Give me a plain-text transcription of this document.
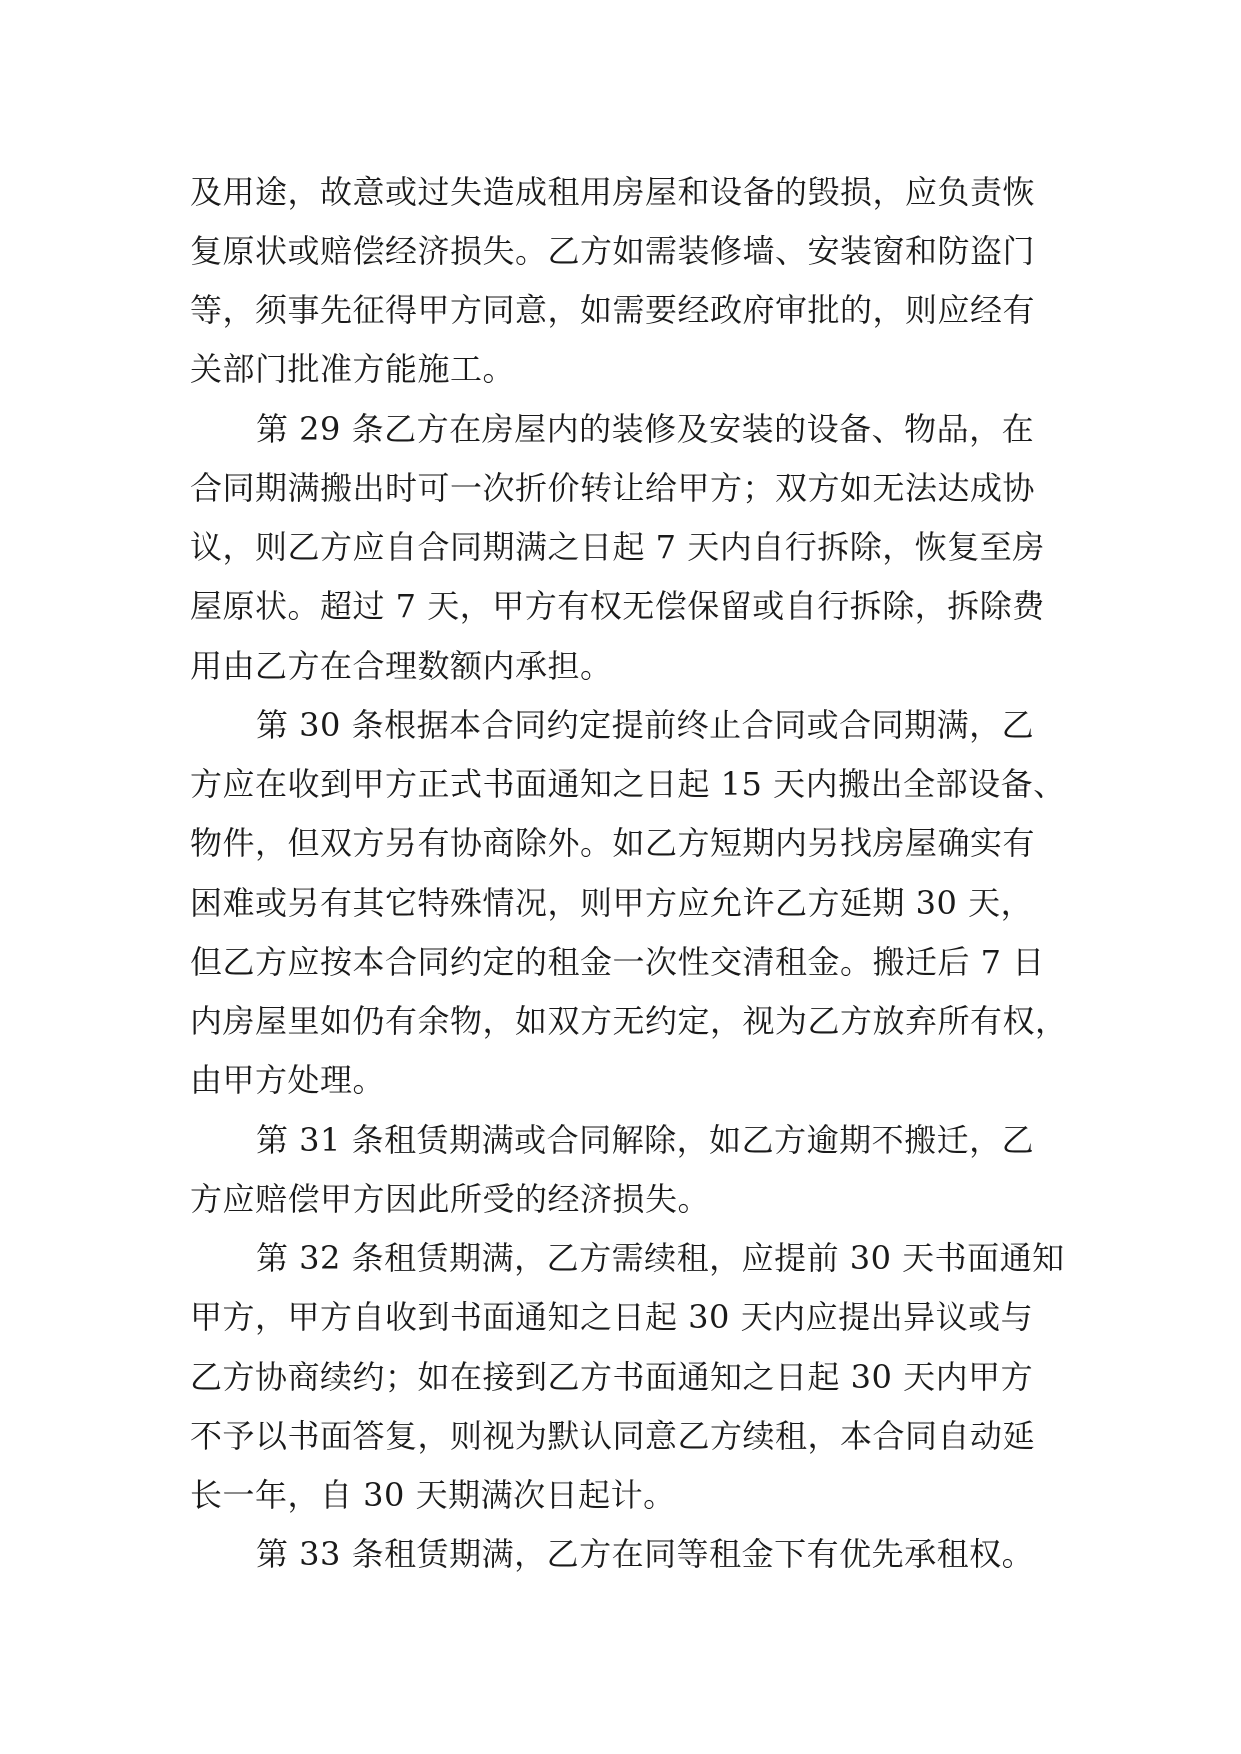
及用途，故意或过失造成租用房屋和设备的毁损，应负责恢
复原状或赔偿经济损失。乙方如需装修墙、安装窗和防盗门
等，须事先征得甲方同意，如需要经政府审批的，则应经有
关部门批准方能施工。
第 29 条乙方在房屋内的装修及安装的设备、物品，在
合同期满搬出时可一次折价转让给甲方；双方如无法达成协
议，则乙方应自合同期满之日起 7 天内自行拆除，恢复至房
屋原状。超过 7 天，甲方有权无偿保留或自行拆除，拆除费
用由乙方在合理数额内承担。
第 30 条根据本合同约定提前终止合同或合同期满，乙
方应在收到甲方正式书面通知之日起 15 天内搬出全部设备、
物件，但双方另有协商除外。如乙方短期内另找房屋确实有
困难或另有其它特殊情况，则甲方应允许乙方延期 30 天，
但乙方应按本合同约定的租金一次性交清租金。搬迁后 7 日
内房屋里如仍有余物，如双方无约定，视为乙方放弃所有权，
由甲方处理。
第 31 条租赁期满或合同解除，如乙方逾期不搬迁，乙
方应赔偿甲方因此所受的经济损失。
第 32 条租赁期满，乙方需续租，应提前 30 天书面通知
甲方，甲方自收到书面通知之日起 30 天内应提出异议或与
乙方协商续约；如在接到乙方书面通知之日起 30 天内甲方
不予以书面答复，则视为默认同意乙方续租，本合同自动延
长一年，自 30 天期满次日起计。
第 33 条租赁期满，乙方在同等租金下有优先承租权。
